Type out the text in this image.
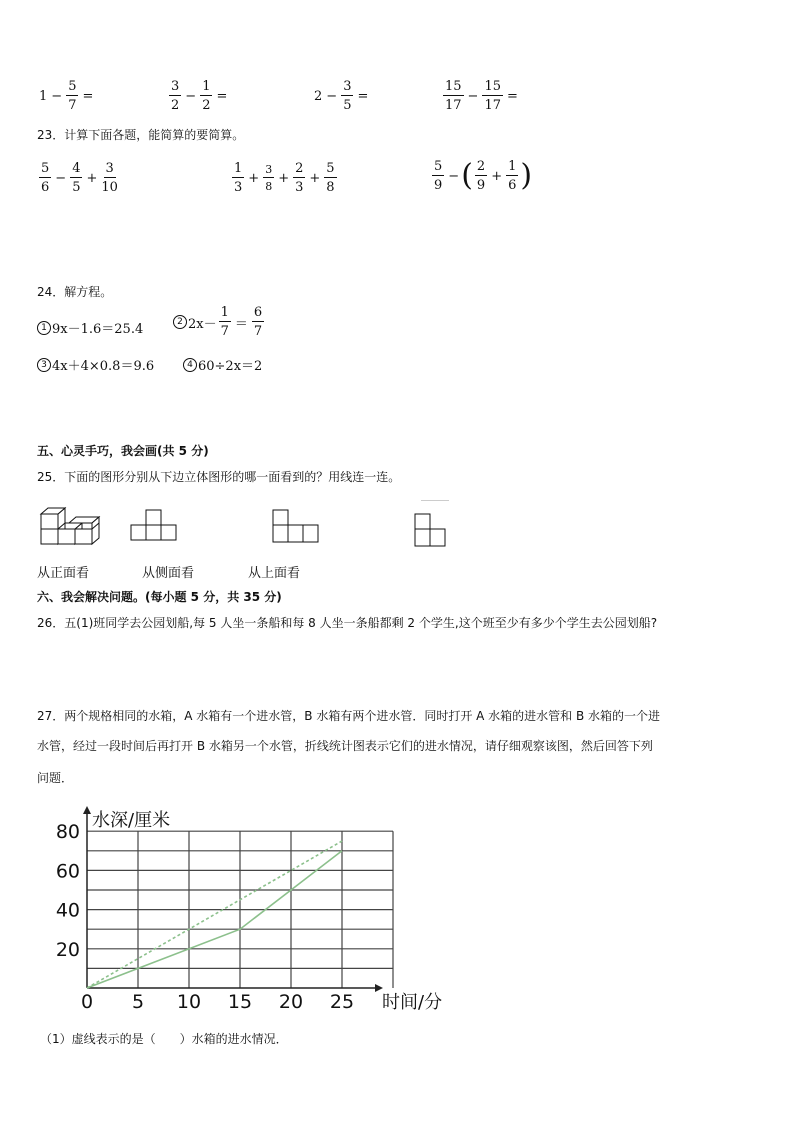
$1 - \frac{5}{7}$ =	$\frac{3}{2} - \frac{1}{2}$ =	$2 - \frac{3}{5}$ =	$\frac{15}{17} - \frac{15}{17}$ =
23．计算下面各题，能简算的要简算。
$\frac{5}{6} - \frac{4}{5} + \frac{3}{10}$	$\frac{1}{3} + \frac{3}{8} + \frac{2}{3} + \frac{5}{8}$	$\frac{5}{9}$ − ( $\frac{2}{9} + \frac{1}{6}$ )
24．解方程。
1 9x－1.6＝25.4	2 $2x- \frac{1}{7} = \frac{6}{7}$
3 4x＋4×0.8＝9.6	4 60÷2x＝2
五、心灵手巧，我会画(共 5 分)
25．下面的图形分别从下边立体图形的哪一面看到的？用线连一连。
从正面看	从侧面看	从上面看
六、我会解决问题。(每小题 5 分，共 35 分)
26．五(1)班同学去公园划船,每 5 人坐一条船和每 8 人坐一条船都剩 2 个学生,这个班至少有多少个学生去公园划船?
27．两个规格相同的水箱，A 水箱有一个进水管，B 水箱有两个进水管．同时打开 A 水箱的进水管和 B 水箱的一个进
水管，经过一段时间后再打开 B 水箱另一个水管，折线统计图表示它们的进水情况，请仔细观察该图，然后回答下列
问题．
0 5 10 15 20 25
20
40
60
80
水深/厘米
时间/分
（1）虚线表示的是（　　）水箱的进水情况．
